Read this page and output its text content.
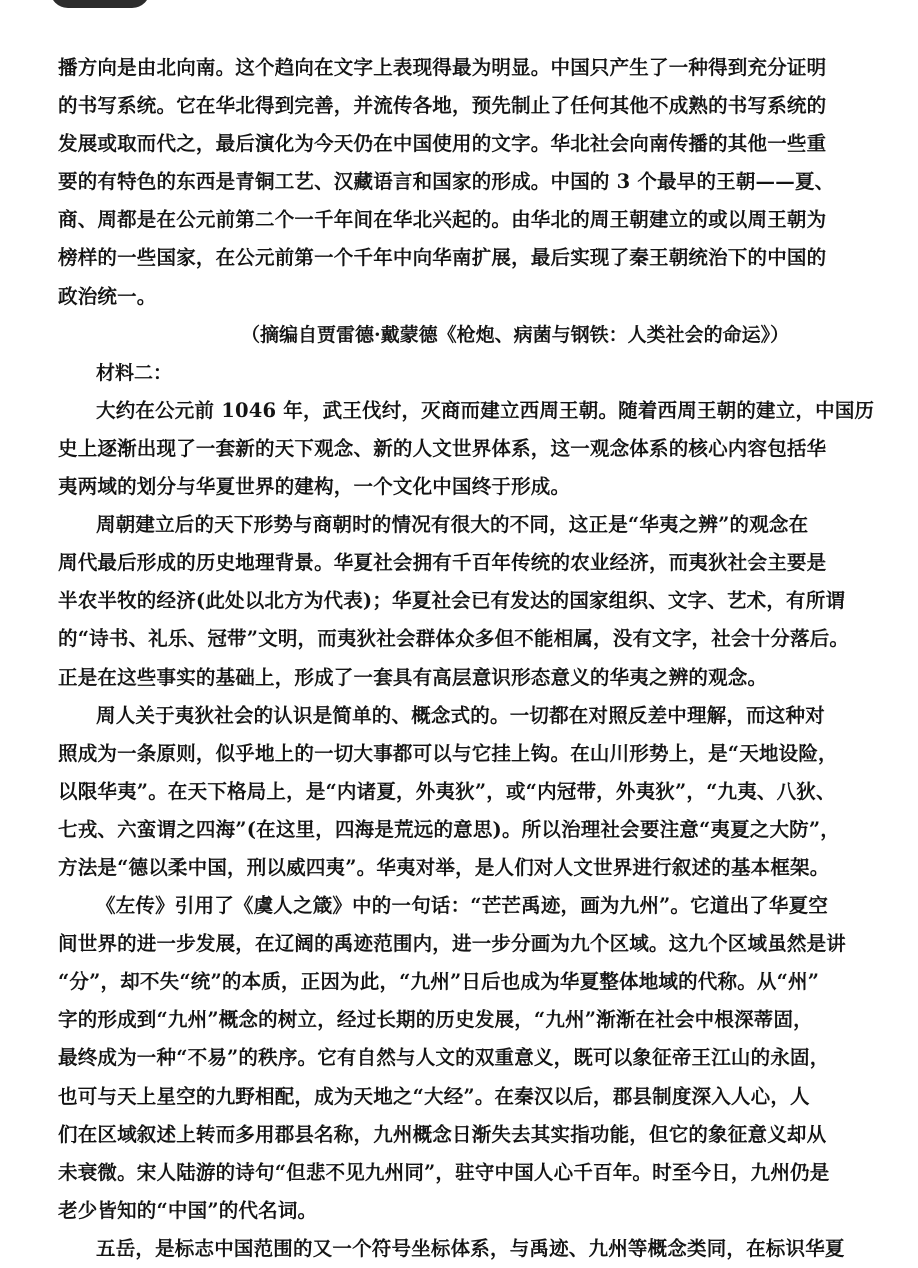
播方向是由北向南。这个趋向在文字上表现得最为明显。中国只产生了一种得到充分证明
的书写系统。它在华北得到完善，并流传各地，预先制止了任何其他不成熟的书写系统的
发展或取而代之，最后演化为今天仍在中国使用的文字。华北社会向南传播的其他一些重
要的有特色的东西是青铜工艺、汉藏语言和国家的形成。中国的 3 个最早的王朝——夏、
商、周都是在公元前第二个一千年间在华北兴起的。由华北的周王朝建立的或以周王朝为
榜样的一些国家，在公元前第一个千年中向华南扩展，最后实现了秦王朝统治下的中国的
政治统一。
（摘编自贾雷德·戴蒙德《枪炮、病菌与钢铁：人类社会的命运》）
材料二：
大约在公元前 1046 年，武王伐纣，灭商而建立西周王朝。随着西周王朝的建立，中国历
史上逐渐出现了一套新的天下观念、新的人文世界体系，这一观念体系的核心内容包括华
夷两域的划分与华夏世界的建构，一个文化中国终于形成。
周朝建立后的天下形势与商朝时的情况有很大的不同，这正是“华夷之辨”的观念在
周代最后形成的历史地理背景。华夏社会拥有千百年传统的农业经济，而夷狄社会主要是
半农半牧的经济(此处以北方为代表)；华夏社会已有发达的国家组织、文字、艺术，有所谓
的“诗书、礼乐、冠带”文明，而夷狄社会群体众多但不能相属，没有文字，社会十分落后。
正是在这些事实的基础上，形成了一套具有高层意识形态意义的华夷之辨的观念。
周人关于夷狄社会的认识是简单的、概念式的。一切都在对照反差中理解，而这种对
照成为一条原则，似乎地上的一切大事都可以与它挂上钩。在山川形势上，是“天地设险，
以限华夷”。在天下格局上，是“内诸夏，外夷狄”，或“内冠带，外夷狄”，“九夷、八狄、
七戎、六蛮谓之四海”(在这里，四海是荒远的意思)。所以治理社会要注意“夷夏之大防”，
方法是“德以柔中国，刑以威四夷”。华夷对举，是人们对人文世界进行叙述的基本框架。
《左传》引用了《虞人之箴》中的一句话：“芒芒禹迹，画为九州”。它道出了华夏空
间世界的进一步发展，在辽阔的禹迹范围内，进一步分画为九个区域。这九个区域虽然是讲
“分”，却不失“统”的本质，正因为此，“九州”日后也成为华夏整体地域的代称。从“州”
字的形成到“九州”概念的树立，经过长期的历史发展，“九州”渐渐在社会中根深蒂固，
最终成为一种“不易”的秩序。它有自然与人文的双重意义，既可以象征帝王江山的永固，
也可与天上星空的九野相配，成为天地之“大经”。在秦汉以后，郡县制度深入人心，人
们在区域叙述上转而多用郡县名称，九州概念日渐失去其实指功能，但它的象征意义却从
未衰微。宋人陆游的诗句“但悲不见九州同”，驻守中国人心千百年。时至今日，九州仍是
老少皆知的“中国”的代名词。
五岳，是标志中国范围的又一个符号坐标体系，与禹迹、九州等概念类同，在标识华夏
